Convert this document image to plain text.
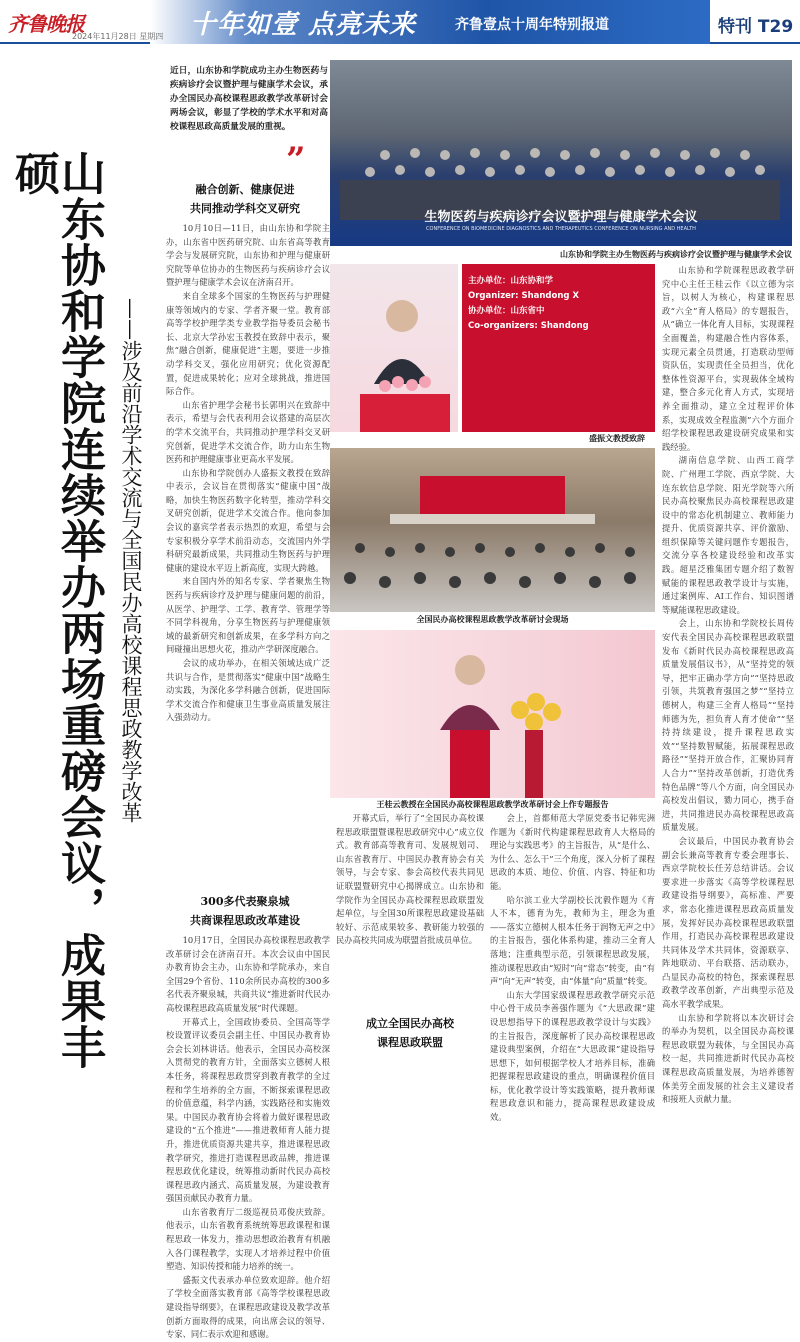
齐鲁晚报
2024年11月28日 星期四 十年如壹 点亮未来	齐鲁壹点十周年特别报道	特刊 T29
近日，山东协和学院成功主办生物医药与疾病诊疗会议暨护理与健康学术会议，承办全国民办高校课程思政教学改革研讨会两场会议，彰显了学校的学术水平和对高校课程思政高质量发展的重视。
”
山东协和学院连续举办两场重磅会议，成果丰硕
——涉及前沿学术交流与全国民办高校课程思政教学改革
融合创新、健康促进
共同推动学科交叉研究

10月10日—11日，由山东协和学院主办，山东省中医药研究院、山东省高等教育学会与发展研究院，山东协和护理与健康研究院等单位协办的生物医药与疾病诊疗会议暨护理与健康学术会议在济南召开。

来自全球多个国家的生物医药与护理健康等领域内的专家、学者齐聚一堂。教育部高等学校护理学类专业教学指导委员会秘书长、北京大学孙宏玉教授在致辞中表示，聚焦“融合创新，健康促进”主题，要进一步推动学科交叉，强化应用研究；优化资源配置，促进成果转化；应对全球挑战，推进国际合作。

山东省护理学会秘书长郭明兴在致辞中表示，希望与会代表利用会议搭建的高层次的学术交流平台，共同推动护理学科交叉研究创新，促进学术交流合作，助力山东生物医药和护理健康事业更高水平发展。

山东协和学院创办人盛振文教授在致辞中表示，会议旨在贯彻落实“健康中国”战略，加快生物医药数字化转型，推动学科交叉研究创新，促进学术交流合作。他向参加会议的嘉宾学者表示热烈的欢迎，希望与会专家积极分享学术前沿动态，交流国内外学科研究最新成果，共同推动生物医药与护理健康的建设水平迈上新高度，实现大跨越。

来自国内外的知名专家、学者聚焦生物医药与疾病诊疗及护理与健康问题的前沿，从医学、护理学、工学、教育学、管理学等不同学科视角，分享生物医药与护理健康领域的最新研究和创新成果，在多学科方向之间碰撞出思想火花，推动产学研深度融合。

会议的成功举办，在相关领域达成广泛共识与合作，是贯彻落实“健康中国”战略生动实践，为深化多学科融合创新，促进国际学术交流合作和健康卫生事业高质量发展注入强劲动力。

300多代表聚泉城
共商课程思政改革建设

10月17日，全国民办高校课程思政教学改革研讨会在济南召开。本次会议由中国民办教育协会主办，山东协和学院承办，来自全国29个省份、110余所民办高校的300多名代表齐聚泉城，共商共议“推进新时代民办高校课程思政高质量发展”时代课题。

开幕式上，全国政协委员、全国高等学校设置评议委员会副主任、中国民办教育协会会长刘林讲话。他表示，全国民办高校深入贯彻党的教育方针，全面落实立德树人根本任务，将课程思政贯穿到教育教学的全过程和学生培养的全方面，不断探索课程思政的价值意蕴，科学内涵，实践路径和实施效果。中国民办教育协会将着力做好课程思政建设的“五个推进”——推进教师育人能力提升，推进优质资源共建共享，推进课程思政教学研究，推进打造课程思政品牌，推进课程思政优化建设，统筹推动新时代民办高校课程思政内涵式、高质量发展，为建设教育强国贡献民办教育力量。

山东省教育厅二级巡视员邓俊庆致辞。他表示，山东省教育系统统筹思政课程和课程思政一体发力，推动思想政治教育有机融入各门课程教学，实现人才培养过程中价值塑造、知识传授和能力培养的统一。

盛振文代表承办单位致欢迎辞。他介绍了学校全面落实教育部《高等学校课程思政建设指导纲要》，在课程思政建设及教学改革创新方面取得的成果，向出席会议的领导、专家、同仁表示欢迎和感谢。

生物医药与疾病诊疗会议暨护理与健康学术会议
CONFERENCE ON BIOMEDICINE DIAGNOSTICS AND THERAPEUTICS CONFERENCE ON NURSING AND HEALTH
山东协和学院主办生物医药与疾病诊疗会议暨护理与健康学术会议
主办单位：山东协和学
Organizer: Shandong X
协办单位：山东省中
Co-organizers: Shandong
盛振文教授致辞
全国民办高校课程思政教学改革研讨会现场
王桂云教授在全国民办高校课程思政教学改革研讨会上作专题报告

开幕式后，举行了“全国民办高校课程思政联盟暨课程思政研究中心”成立仪式。教育部高等教育司、发展规划司、山东省教育厅、中国民办教育协会有关领导，与会专家、参会高校代表共同见证联盟暨研究中心揭牌成立。山东协和学院作为全国民办高校课程思政联盟发起单位，与全国30所课程思政建设基础较好、示范成果较多、教研能力较强的民办高校共同成为联盟首批成员单位。

成立全国民办高校
课程思政联盟

会上，首都师范大学原党委书记韩宪洲作题为《新时代构建课程思政育人大格局的理论与实践思考》的主旨报告，从“是什么、为什么、怎么干”三个角度，深入分析了课程思政的本质、地位、价值、内容、特征和功能。

哈尔滨工业大学副校长沈毅作题为《育人不本，德育为先，教师为主，理念为重——落实立德树人根本任务于润物无声之中》的主旨报告，强化体系构建，推动三全育人落地；注重典型示范，引领课程思政发展，推动课程思政由“短时”向“常态”转变，由“有声”向“无声”转变，由“体量”向“质量”转变。

山东大学国家级课程思政教学研究示范中心骨干成员李善强作题为《“大思政课”建设思想指导下的课程思政教学设计与实践》的主旨报告，深度解析了民办高校课程思政建设典型案例，介绍在“大思政课”建设指导思想下，如何根据学校人才培养目标，准确把握课程思政建设的重点，明确课程价值目标，优化教学设计等实践策略，提升教师课程思政意识和能力，提高课程思政建设成效。

山东协和学院课程思政教学研究中心主任王桂云作《以立德为宗旨，以树人为核心，构建课程思政“六全”育人格局》的专题报告，从“确立一体化育人目标，实现课程全面覆盖，构建融合性内容体系，实现元素全员贯通，打造联动型师资队伍，实现责任全员担当，优化整体性资源平台，实现载体全域构建，整合多元化育人方式，实现培养全面推动，建立全过程评价体系，实现成效全程监测”六个方面介绍学校课程思政建设研究成果和实践经验。

湖南信息学院、山西工商学院、广州理工学院、西京学院、大连东软信息学院、阳光学院等六所民办高校聚焦民办高校课程思政建设中的常态化机制建立、教师能力提升、优质资源共享、评价激励、组织保障等关键问题作专题报告，交流分享各校建设经验和改革实践。超星泛雅集团专题介绍了数智赋能的课程思政教学设计与实施，通过案例库、AI工作台、知识图谱等赋能课程思政建设。

会上，山东协和学院校长周传安代表全国民办高校课程思政联盟发布《新时代民办高校课程思政高质量发展倡议书》，从“坚持党的领导，把牢正确办学方向”“坚持思政引领，共筑教育强国之梦”“坚持立德树人，构建三全育人格局”“坚持师德为先，担负育人育才使命”“坚持持续建设，提升课程思政实效”“坚持数智赋能，拓展课程思政路径”“坚持开放合作，汇聚协同育人合力”“坚持改革创新，打造优秀特色品牌”等八个方面，向全国民办高校发出倡议，勠力同心，携手奋进，共同推进民办高校课程思政高质量发展。

会议最后，中国民办教育协会副会长兼高等教育专委会理事长、西京学院校长任芳总结讲话。会议要求进一步落实《高等学校课程思政建设指导纲要》，高标准、严要求，常态化推进课程思政高质量发展，发挥好民办高校课程思政联盟作用，打造民办高校课程思政建设共同体及学术共同体，资源联享、阵地联动、平台联搭、活动联办，凸显民办高校的特色，探索课程思政教学改革创新，产出典型示范及高水平教学成果。

山东协和学院将以本次研讨会的举办为契机，以全国民办高校课程思政联盟为载体，与全国民办高校一起，共同推进新时代民办高校课程思政高质量发展，为培养德智体美劳全面发展的社会主义建设者和接班人贡献力量。
